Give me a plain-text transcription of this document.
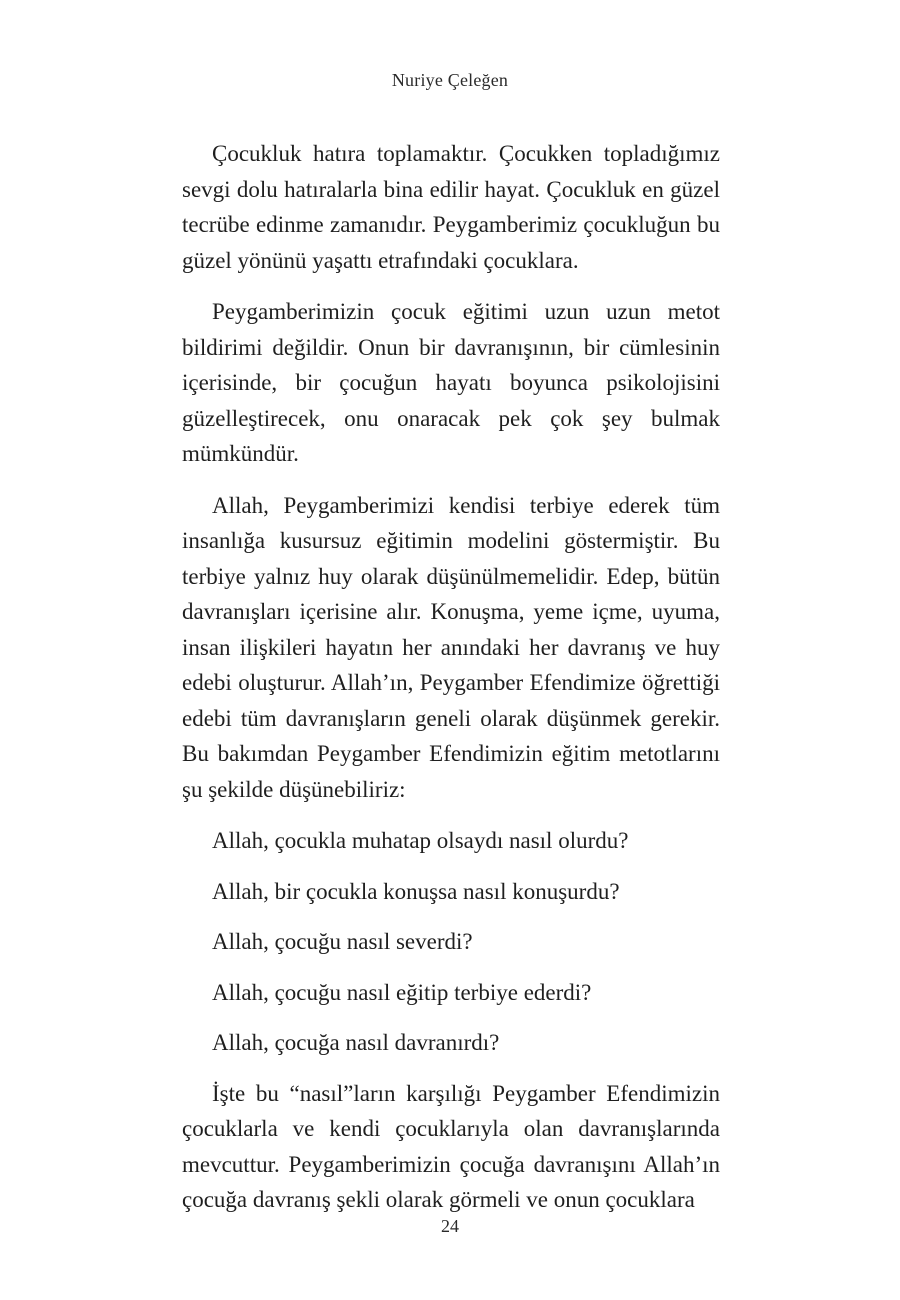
Nuriye Çeleğen

Çocukluk hatıra toplamaktır. Çocukken topladığımız sevgi dolu hatıralarla bina edilir hayat. Çocukluk en güzel tecrübe edinme zamanıdır. Peygamberimiz çocukluğun bu güzel yönünü yaşattı etrafındaki çocuklara.

Peygamberimizin çocuk eğitimi uzun uzun metot bildirimi değildir. Onun bir davranışının, bir cümlesinin içerisinde, bir çocuğun hayatı boyunca psikolojisini güzelleştirecek, onu onaracak pek çok şey bulmak mümkündür.

Allah, Peygamberimizi kendisi terbiye ederek tüm insanlığa kusursuz eğitimin modelini göstermiştir. Bu terbiye yalnız huy olarak düşünülmemelidir. Edep, bütün davranışları içerisine alır. Konuşma, yeme içme, uyuma, insan ilişkileri hayatın her anındaki her davranış ve huy edebi oluşturur. Allah’ın, Peygamber Efendimize öğrettiği edebi tüm davranışların geneli olarak düşünmek gerekir. Bu bakımdan Peygamber Efendimizin eğitim metotlarını şu şekilde düşünebiliriz:

Allah, çocukla muhatap olsaydı nasıl olurdu?

Allah, bir çocukla konuşsa nasıl konuşurdu?

Allah, çocuğu nasıl severdi?

Allah, çocuğu nasıl eğitip terbiye ederdi?

Allah, çocuğa nasıl davranırdı?

İşte bu “nasıl”ların karşılığı Peygamber Efendimizin çocuklarla ve kendi çocuklarıyla olan davranışlarında mevcuttur. Peygamberimizin çocuğa davranışını Allah’ın çocuğa davranış şekli olarak görmeli ve onun çocuklara

24
